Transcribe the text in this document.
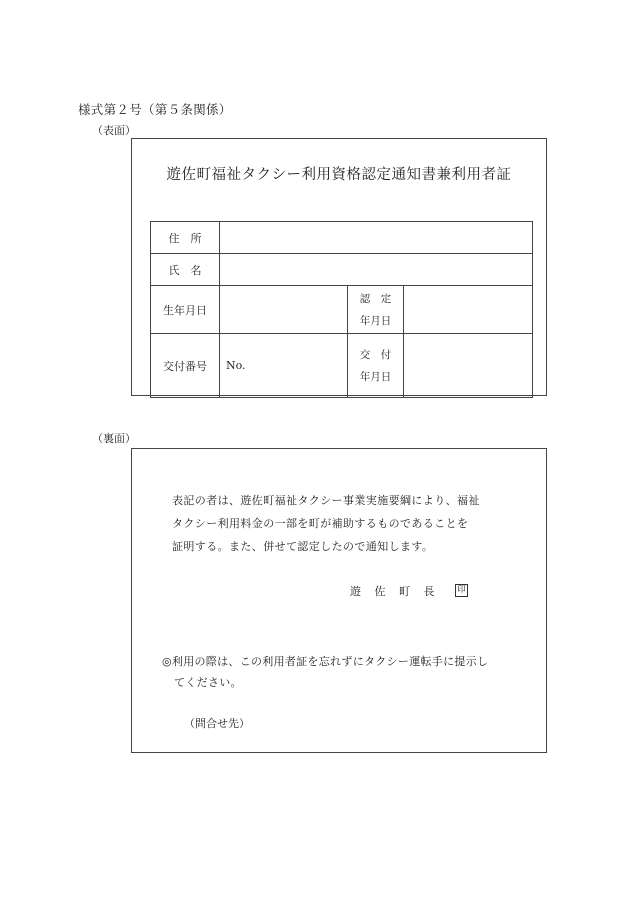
様式第２号（第５条関係）
（表面）
遊佐町福祉タクシー利用資格認定通知書兼利用者証
住　所			
氏　名			
生年月日		認　定
年月日	

交付番号	No.	交　付
年月日	

（裏面）
表記の者は、遊佐町福祉タクシー事業実施要綱により、福祉
タクシー利用料金の一部を町が補助するものであることを
証明する。また、併せて認定したので通知します。
遊 佐 町 長 印
◎利用の際は、この利用者証を忘れずにタクシー運転手に提示し
てください。
（問合せ先）
